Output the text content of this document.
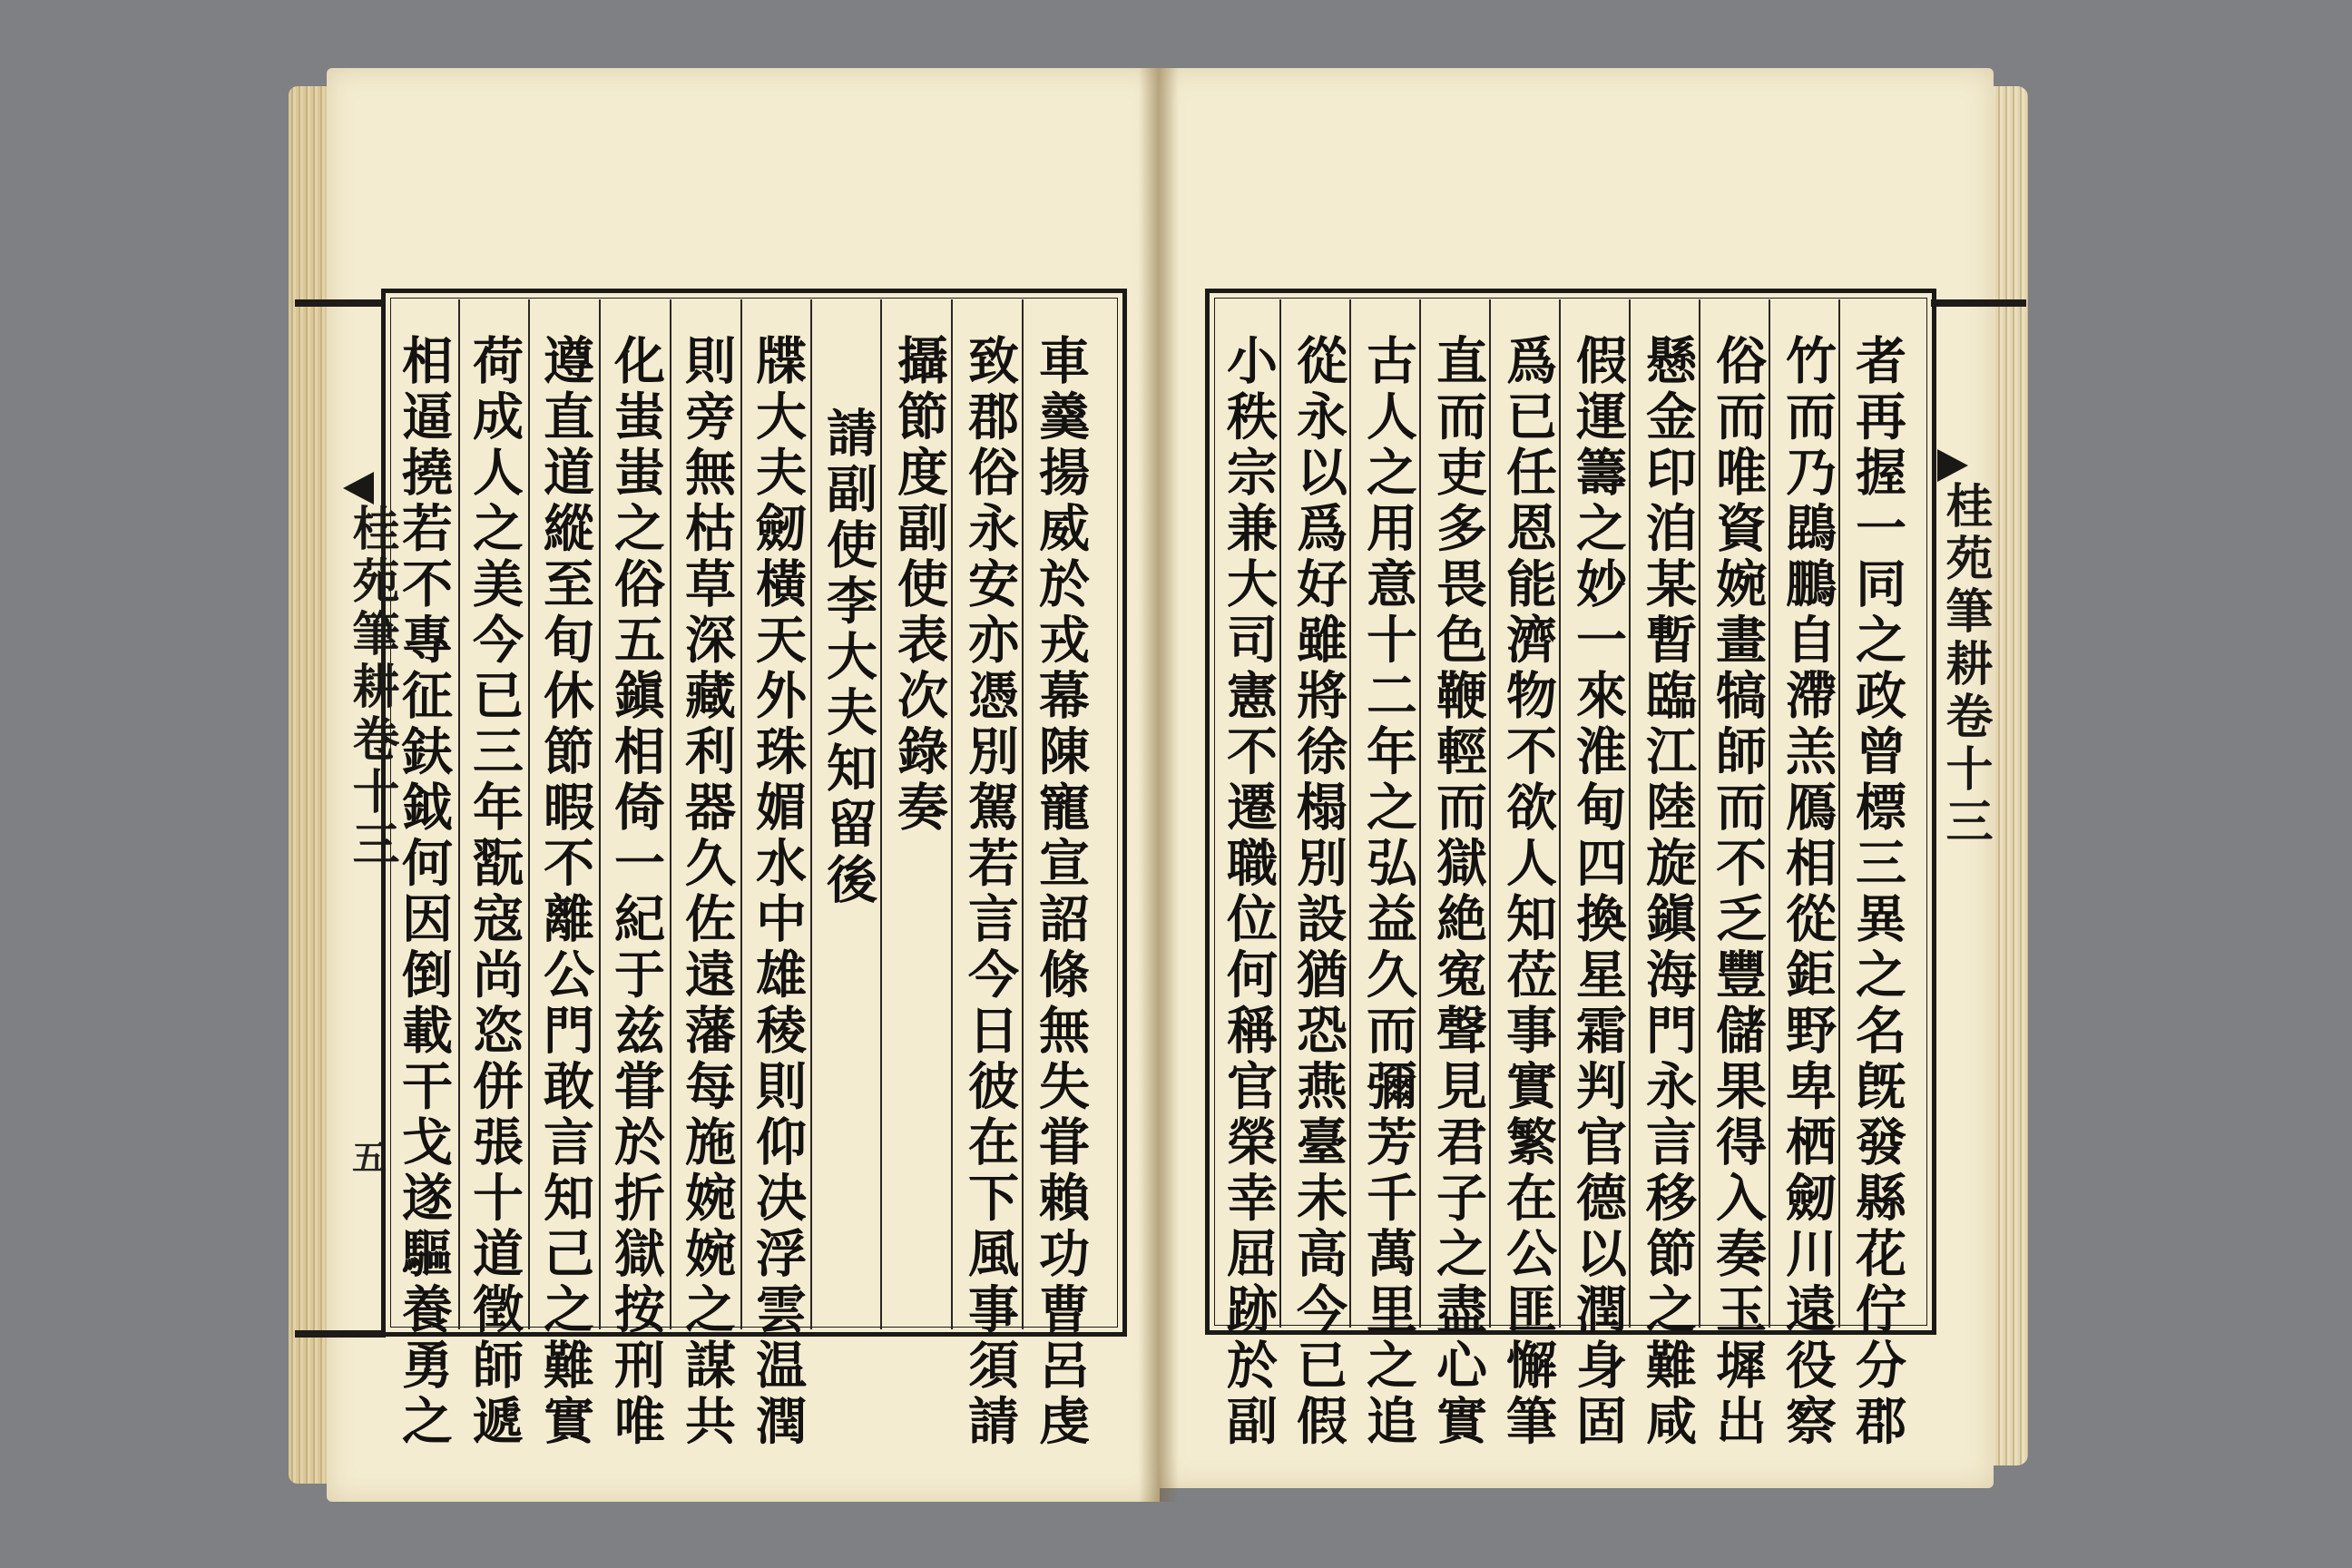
桂苑筆耕卷十三
五
桂苑筆耕卷十三
車羹揚威於戎幕陳寵宣詔條無失甞賴功曹呂虔
致郡俗永安亦憑別駕若言今日彼在下風事須請
攝節度副使表次錄奏
請副使李大夫知留後
牒大夫劒橫天外珠媚水中雄稜則仰决浮雲温潤
則旁無枯草深藏利器久佐遠藩每施婉婉之謀共
化蚩蚩之俗五鎭相倚一紀于兹甞於折獄按刑唯
遵直道縱至旬休節暇不離公門敢言知己之難實
荷成人之美今已三年翫寇尚恣併張十道徵師遞
相逼撓若不專征鈇鉞何因倒載干戈遂驅養勇之	者再握一同之政曾標三異之名旣發縣花佇分郡
竹而乃鵾鵬自滯羔鴈相從鉅野卑栖劒川遠役察
俗而唯資婉畫犒師而不乏豐儲果得入奏玉墀出
懸金印洎某暫臨江陸旋鎭海門永言移節之難咸
假運籌之妙一來淮甸四換星霜判官德以潤身固
爲已任恩能濟物不欲人知莅事實繁在公匪懈筆
直而吏多畏色鞭輕而獄絶寃聲見君子之盡心實
古人之用意十二年之弘益久而彌芳千萬里之追
從永以爲好雖將徐榻別設猶恐燕臺未高今已假
小秩宗兼大司憲不遷職位何稱官榮幸屈跡於副
